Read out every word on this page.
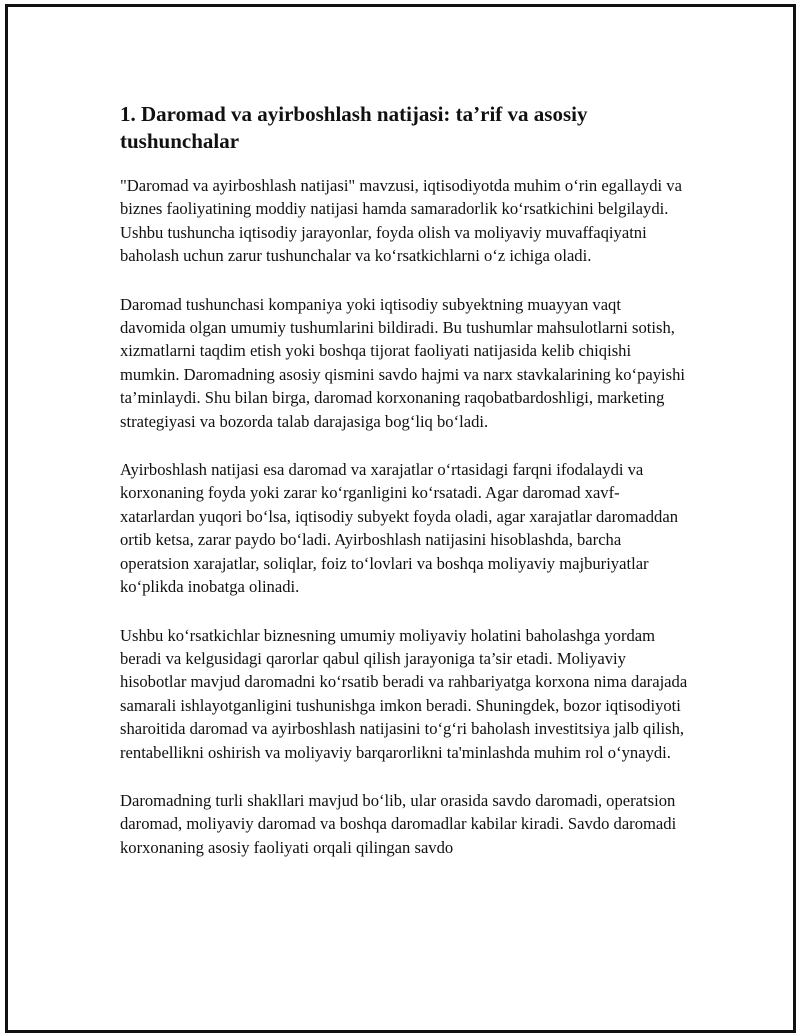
1. Daromad va ayirboshlash natijasi: ta’rif va asosiy tushunchalar

"Daromad va ayirboshlash natijasi" mavzusi, iqtisodiyotda muhim o‘rin egallaydi va biznes faoliyatining moddiy natijasi hamda samaradorlik ko‘rsatkichini belgilaydi. Ushbu tushuncha iqtisodiy jarayonlar, foyda olish va moliyaviy muvaffaqiyatni baholash uchun zarur tushunchalar va ko‘rsatkichlarni o‘z ichiga oladi.

Daromad tushunchasi kompaniya yoki iqtisodiy subyektning muayyan vaqt davomida olgan umumiy tushumlarini bildiradi. Bu tushumlar mahsulotlarni sotish, xizmatlarni taqdim etish yoki boshqa tijorat faoliyati natijasida kelib chiqishi mumkin. Daromadning asosiy qismini savdo hajmi va narx stavkalarining ko‘payishi ta’minlaydi. Shu bilan birga, daromad korxonaning raqobatbardoshligi, marketing strategiyasi va bozorda talab darajasiga bog‘liq bo‘ladi.

Ayirboshlash natijasi esa daromad va xarajatlar o‘rtasidagi farqni ifodalaydi va korxonaning foyda yoki zarar ko‘rganligini ko‘rsatadi. Agar daromad xavf-xatarlardan yuqori bo‘lsa, iqtisodiy subyekt foyda oladi, agar xarajatlar daromaddan ortib ketsa, zarar paydo bo‘ladi. Ayirboshlash natijasini hisoblashda, barcha operatsion xarajatlar, soliqlar, foiz to‘lovlari va boshqa moliyaviy majburiyatlar ko‘plikda inobatga olinadi.

Ushbu ko‘rsatkichlar biznesning umumiy moliyaviy holatini baholashga yordam beradi va kelgusidagi qarorlar qabul qilish jarayoniga ta’sir etadi. Moliyaviy hisobotlar mavjud daromadni ko‘rsatib beradi va rahbariyatga korxona nima darajada samarali ishlayotganligini tushunishga imkon beradi. Shuningdek, bozor iqtisodiyoti sharoitida daromad va ayirboshlash natijasini to‘g‘ri baholash investitsiya jalb qilish, rentabellikni oshirish va moliyaviy barqarorlikni ta'minlashda muhim rol o‘ynaydi.

Daromadning turli shakllari mavjud bo‘lib, ular orasida savdo daromadi, operatsion daromad, moliyaviy daromad va boshqa daromadlar kabilar kiradi. Savdo daromadi korxonaning asosiy faoliyati orqali qilingan savdo
